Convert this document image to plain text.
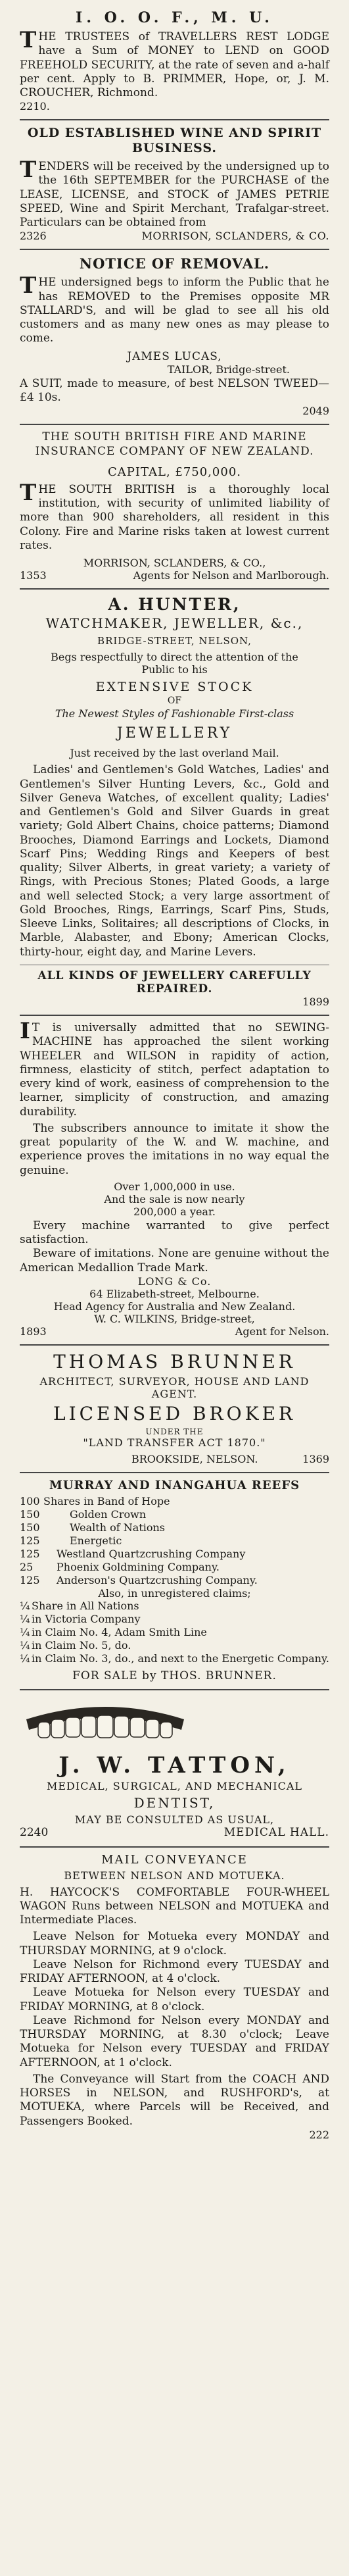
I. O. O. F., M. U.
THE TRUSTEES of TRAVELLERS REST LODGE have a Sum of MONEY to LEND on GOOD FREEHOLD SECURITY, at the rate of seven and a-half per cent. Apply to B. PRIMMER, Hope, or, J. M. CROUCHER, Richmond.
2210.
OLD ESTABLISHED WINE AND SPIRIT BUSINESS.
TENDERS will be received by the undersigned up to the 16th SEPTEMBER for the PURCHASE of the LEASE, LICENSE, and STOCK of JAMES PETRIE SPEED, Wine and Spirit Merchant, Trafalgar-street. Particulars can be obtained from
2326	MORRISON, SCLANDERS, & CO.
NOTICE OF REMOVAL.
THE undersigned begs to inform the Public that he has REMOVED to the Premises opposite MR STALLARD'S, and will be glad to see all his old customers and as many new ones as may please to come.
JAMES LUCAS,
TAILOR, Bridge-street.
A SUIT, made to measure, of best NELSON TWEED—£4 10s.
2049
THE SOUTH BRITISH FIRE AND MARINE INSURANCE COMPANY OF NEW ZEALAND.
CAPITAL, £750,000.
THE SOUTH BRITISH is a thoroughly local institution, with security of unlimited liability of more than 900 shareholders, all resident in this Colony. Fire and Marine risks taken at lowest current rates.
MORRISON, SCLANDERS, & CO.,
1353	Agents for Nelson and Marlborough.
A. HUNTER,
WATCHMAKER, JEWELLER, &c.,
BRIDGE-STREET, NELSON,
Begs respectfully to direct the attention of the Public to his
EXTENSIVE STOCK
OF
The Newest Styles of Fashionable First-class
JEWELLERY
Just received by the last overland Mail.
Ladies' and Gentlemen's Gold Watches, Ladies' and Gentlemen's Silver Hunting Levers, &c., Gold and Silver Geneva Watches, of excellent quality; Ladies' and Gentlemen's Gold and Silver Guards in great variety; Gold Albert Chains, choice patterns; Diamond Brooches, Diamond Earrings and Lockets, Diamond Scarf Pins; Wedding Rings and Keepers of best quality; Silver Alberts, in great variety; a variety of Rings, with Precious Stones; Plated Goods, a large and well selected Stock; a very large assortment of Gold Brooches, Rings, Earrings, Scarf Pins, Studs, Sleeve Links, Solitaires; all descriptions of Clocks, in Marble, Alabaster, and Ebony; American Clocks, thirty-hour, eight day, and Marine Levers.
ALL KINDS OF JEWELLERY CAREFULLY REPAIRED.
1899
IT is universally admitted that no SEWING-MACHINE has approached the silent working WHEELER and WILSON in rapidity of action, firmness, elasticity of stitch, perfect adaptation to every kind of work, easiness of comprehension to the learner, simplicity of construction, and amazing durability.
The subscribers announce to imitate it show the great popularity of the W. and W. machine, and experience proves the imitations in no way equal the genuine.
Over 1,000,000 in use.
And the sale is now nearly
200,000 a year.
Every machine warranted to give perfect satisfaction.
Beware of imitations. None are genuine without the American Medallion Trade Mark.
LONG & Co.
64 Elizabeth-street, Melbourne.
Head Agency for Australia and New Zealand.
W. C. WILKINS, Bridge-street,
1893	Agent for Nelson.
THOMAS BRUNNER
ARCHITECT, SURVEYOR, HOUSE AND LAND AGENT.
LICENSED BROKER
UNDER THE
"LAND TRANSFER ACT 1870."
BROOKSIDE, NELSON.	1369
MURRAY AND INANGAHUA REEFS
100 Shares in Band of Hope
150	Golden Crown
150	Wealth of Nations
125	Energetic
125	Westland Quartzcrushing Company
25	Phoenix Goldmining Company.
125	Anderson's Quartzcrushing Company.
Also, in unregistered claims;
¼ Share in All Nations
¼ in Victoria Company
¼ in Claim No. 4, Adam Smith Line
¼ in Claim No. 5, do.
¼ in Claim No. 3, do., and next to the Energetic Company.
FOR SALE by THOS. BRUNNER.
J. W. TATTON,
MEDICAL, SURGICAL, AND MECHANICAL
DENTIST,
MAY BE CONSULTED AS USUAL,
2240	MEDICAL HALL.
MAIL CONVEYANCE
BETWEEN NELSON AND MOTUEKA.
H. HAYCOCK'S COMFORTABLE FOUR-WHEEL WAGON Runs between NELSON and MOTUEKA and Intermediate Places.
Leave Nelson for Motueka every MONDAY and THURSDAY MORNING, at 9 o'clock.
Leave Nelson for Richmond every TUESDAY and FRIDAY AFTERNOON, at 4 o'clock.
Leave Motueka for Nelson every TUESDAY and FRIDAY MORNING, at 8 o'clock.
Leave Richmond for Nelson every MONDAY and THURSDAY MORNING, at 8.30 o'clock; Leave Motueka for Nelson every TUESDAY and FRIDAY AFTERNOON, at 1 o'clock.
The Conveyance will Start from the COACH AND HORSES in NELSON, and RUSHFORD's, at MOTUEKA, where Parcels will be Received, and Passengers Booked.
222
